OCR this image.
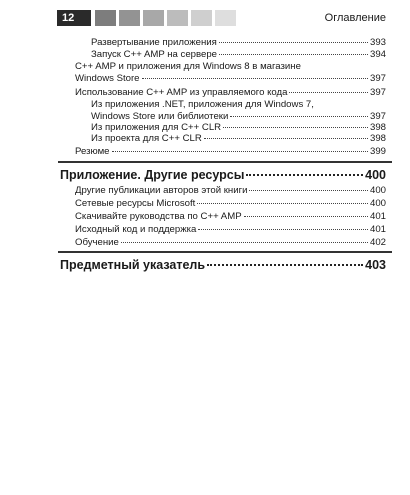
12	Оглавление
Развертывание приложения	393
Запуск C++ AMP на сервере	394
C++ AMP и приложения для Windows 8 в магазине
Windows Store	397
Использование C++ AMP из управляемого кода	397
Из приложения .NET, приложения для Windows 7,
Windows Store или библиотеки	397
Из приложения для C++ CLR	398
Из проекта для C++ CLR	398
Резюме	399
Приложение. Другие ресурсы	400
Другие публикации авторов этой книги	400
Сетевые ресурсы Microsoft	400
Скачивайте руководства по C++ AMP	401
Исходный код и поддержка	401
Обучение	402
Предметный указатель	403
